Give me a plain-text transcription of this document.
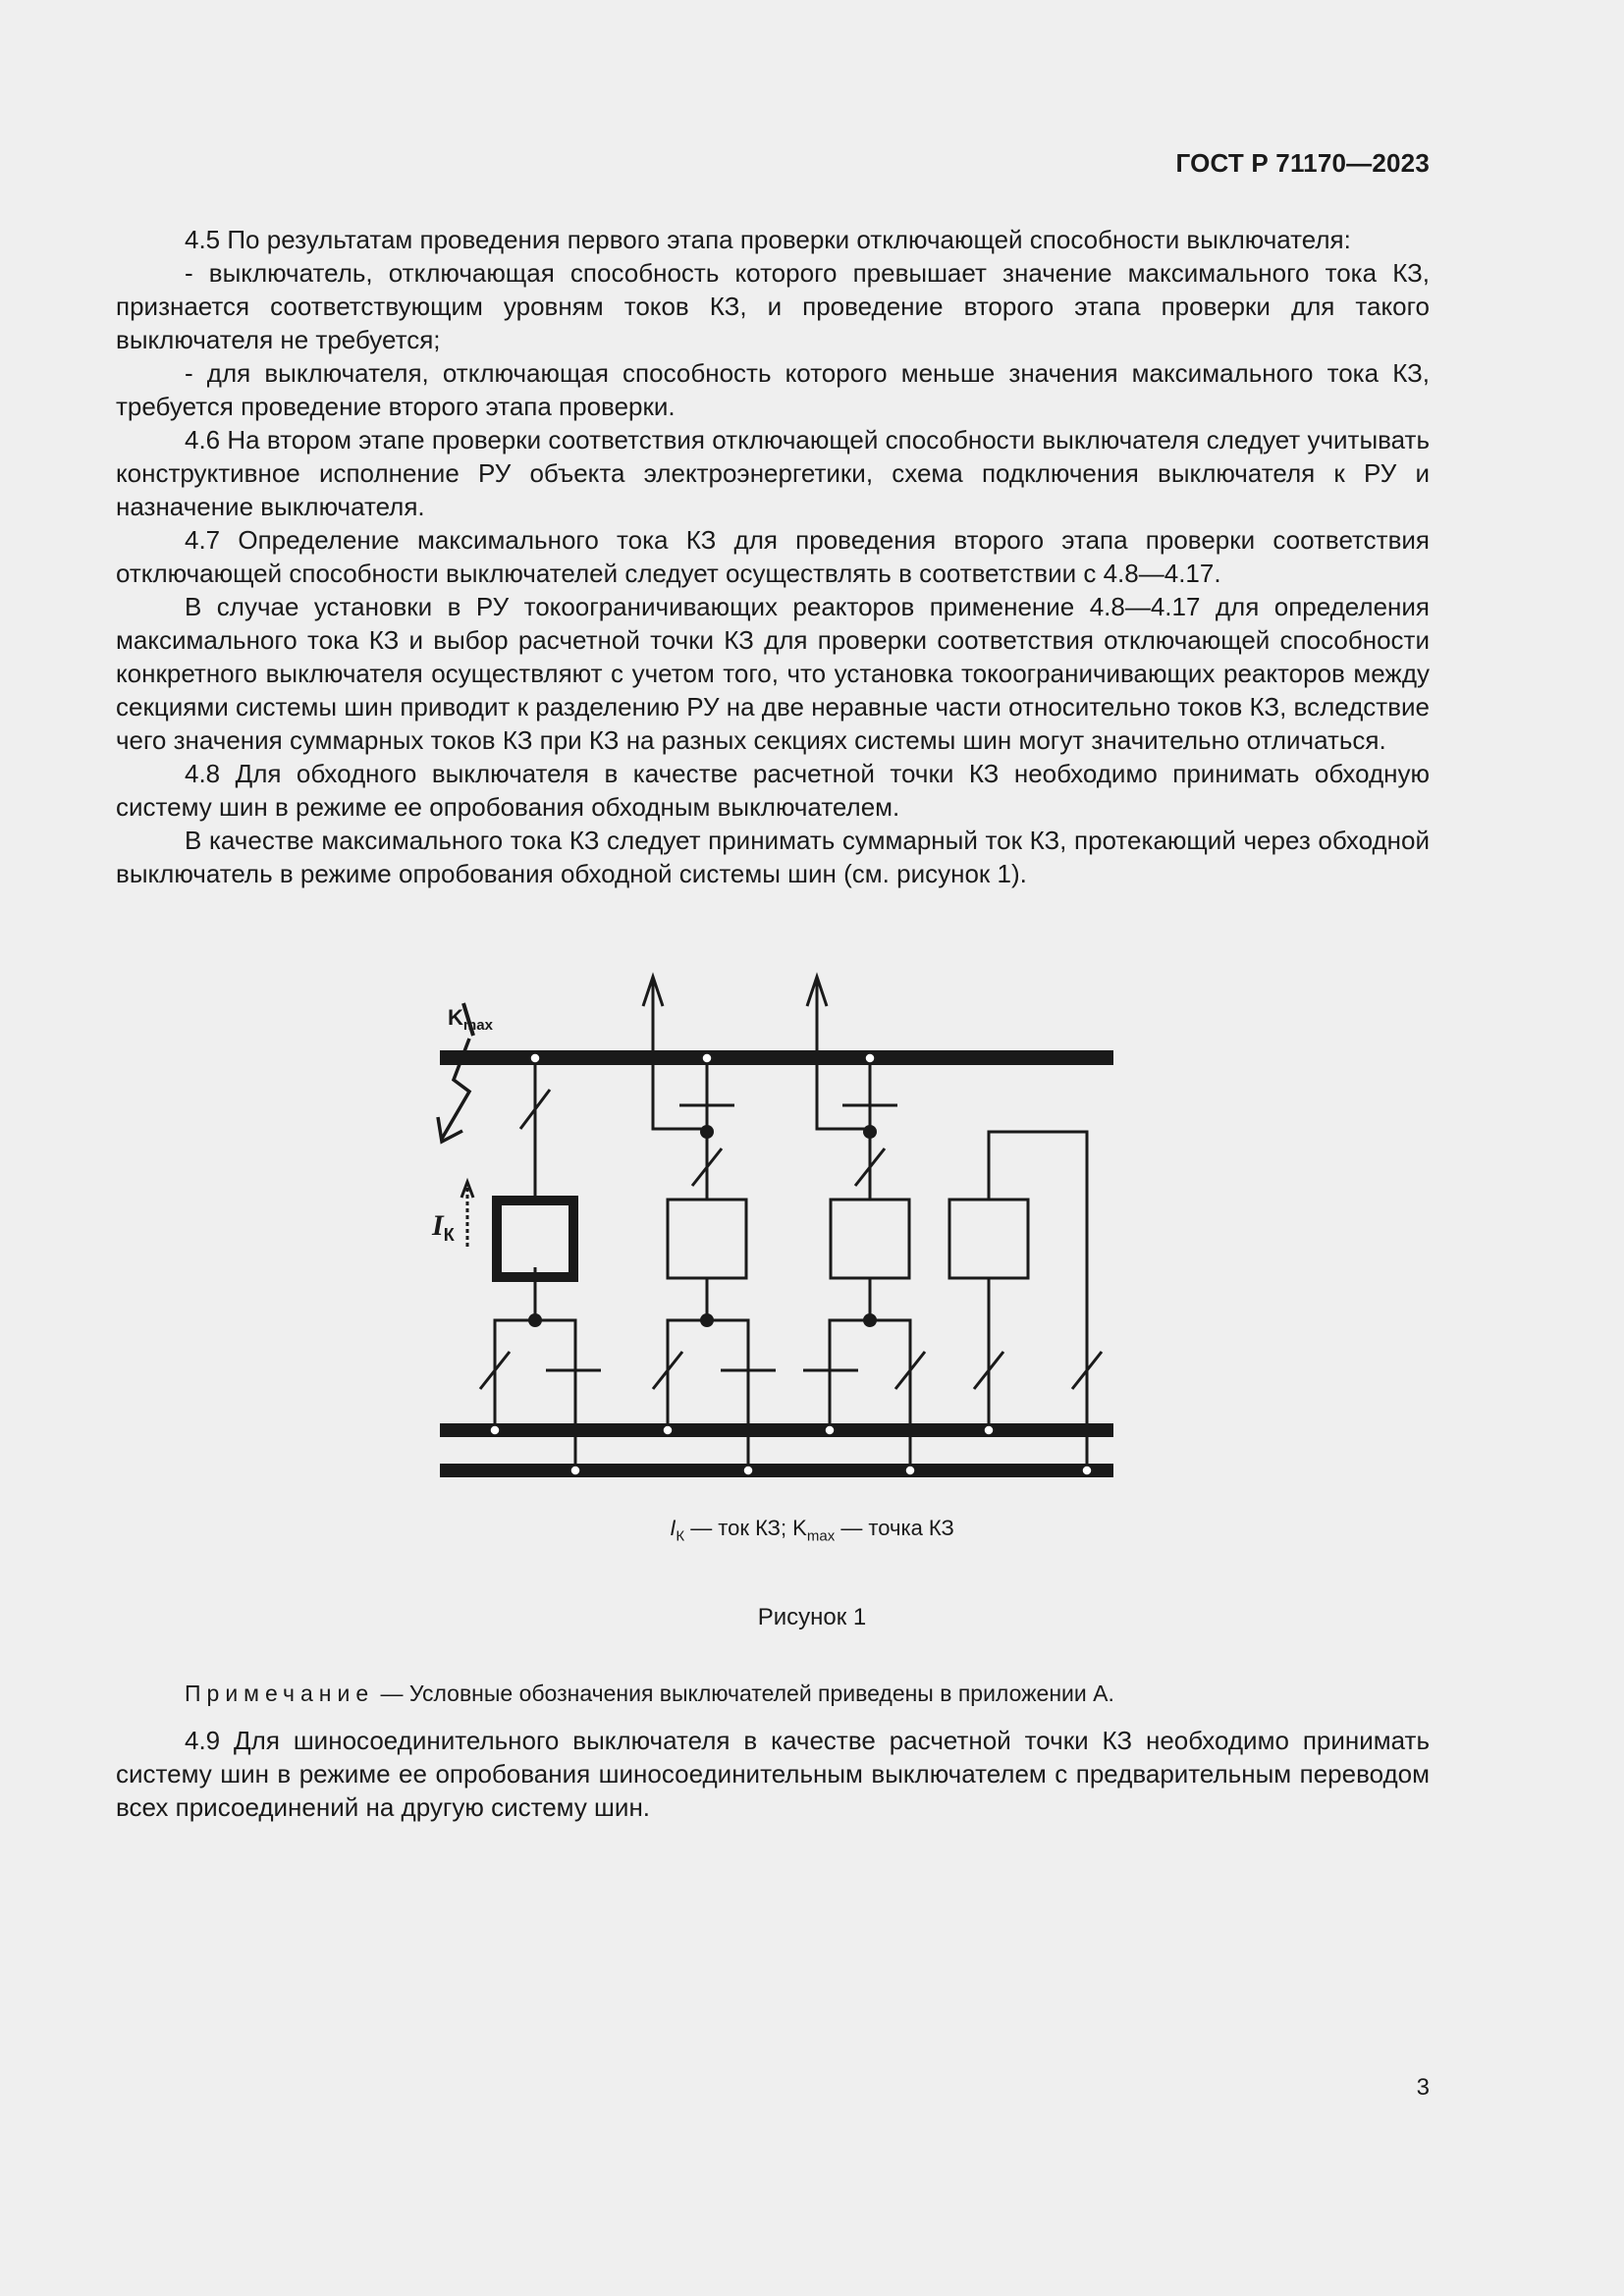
ГОСТ Р 71170—2023

4.5 По результатам проведения первого этапа проверки отключающей способности выключателя:

- выключатель, отключающая способность которого превышает значение максимального тока КЗ, признается соответствующим уровням токов КЗ, и проведение второго этапа проверки для такого выключателя не требуется;

- для выключателя, отключающая способность которого меньше значения максимального тока КЗ, требуется проведение второго этапа проверки.

4.6 На втором этапе проверки соответствия отключающей способности выключателя следует учитывать конструктивное исполнение РУ объекта электроэнергетики, схема подключения выключателя к РУ и назначение выключателя.

4.7 Определение максимального тока КЗ для проведения второго этапа проверки соответствия отключающей способности выключателей следует осуществлять в соответствии с 4.8—4.17.

В случае установки в РУ токоограничивающих реакторов применение 4.8—4.17 для определения максимального тока КЗ и выбор расчетной точки КЗ для проверки соответствия отключающей способности конкретного выключателя осуществляют с учетом того, что установка токоограничивающих реакторов между секциями системы шин приводит к разделению РУ на две неравные части относительно токов КЗ, вследствие чего значения суммарных токов КЗ при КЗ на разных секциях системы шин могут значительно отличаться.

4.8 Для обходного выключателя в качестве расчетной точки КЗ необходимо принимать обходную систему шин в режиме ее опробования обходным выключателем.

В качестве максимального тока КЗ следует принимать суммарный ток КЗ, протекающий через обходной выключатель в режиме опробования обходной системы шин (см. рисунок 1).

$K_{max}$
$I_К$
$I_К$ — ток КЗ; $K_{max}$ — точка КЗ
Рисунок 1
Примечание — Условные обозначения выключателей приведены в приложении А.

4.9 Для шиносоединительного выключателя в качестве расчетной точки КЗ необходимо принимать систему шин в режиме ее опробования шиносоединительным выключателем с предварительным переводом всех присоединений на другую систему шин.

3
